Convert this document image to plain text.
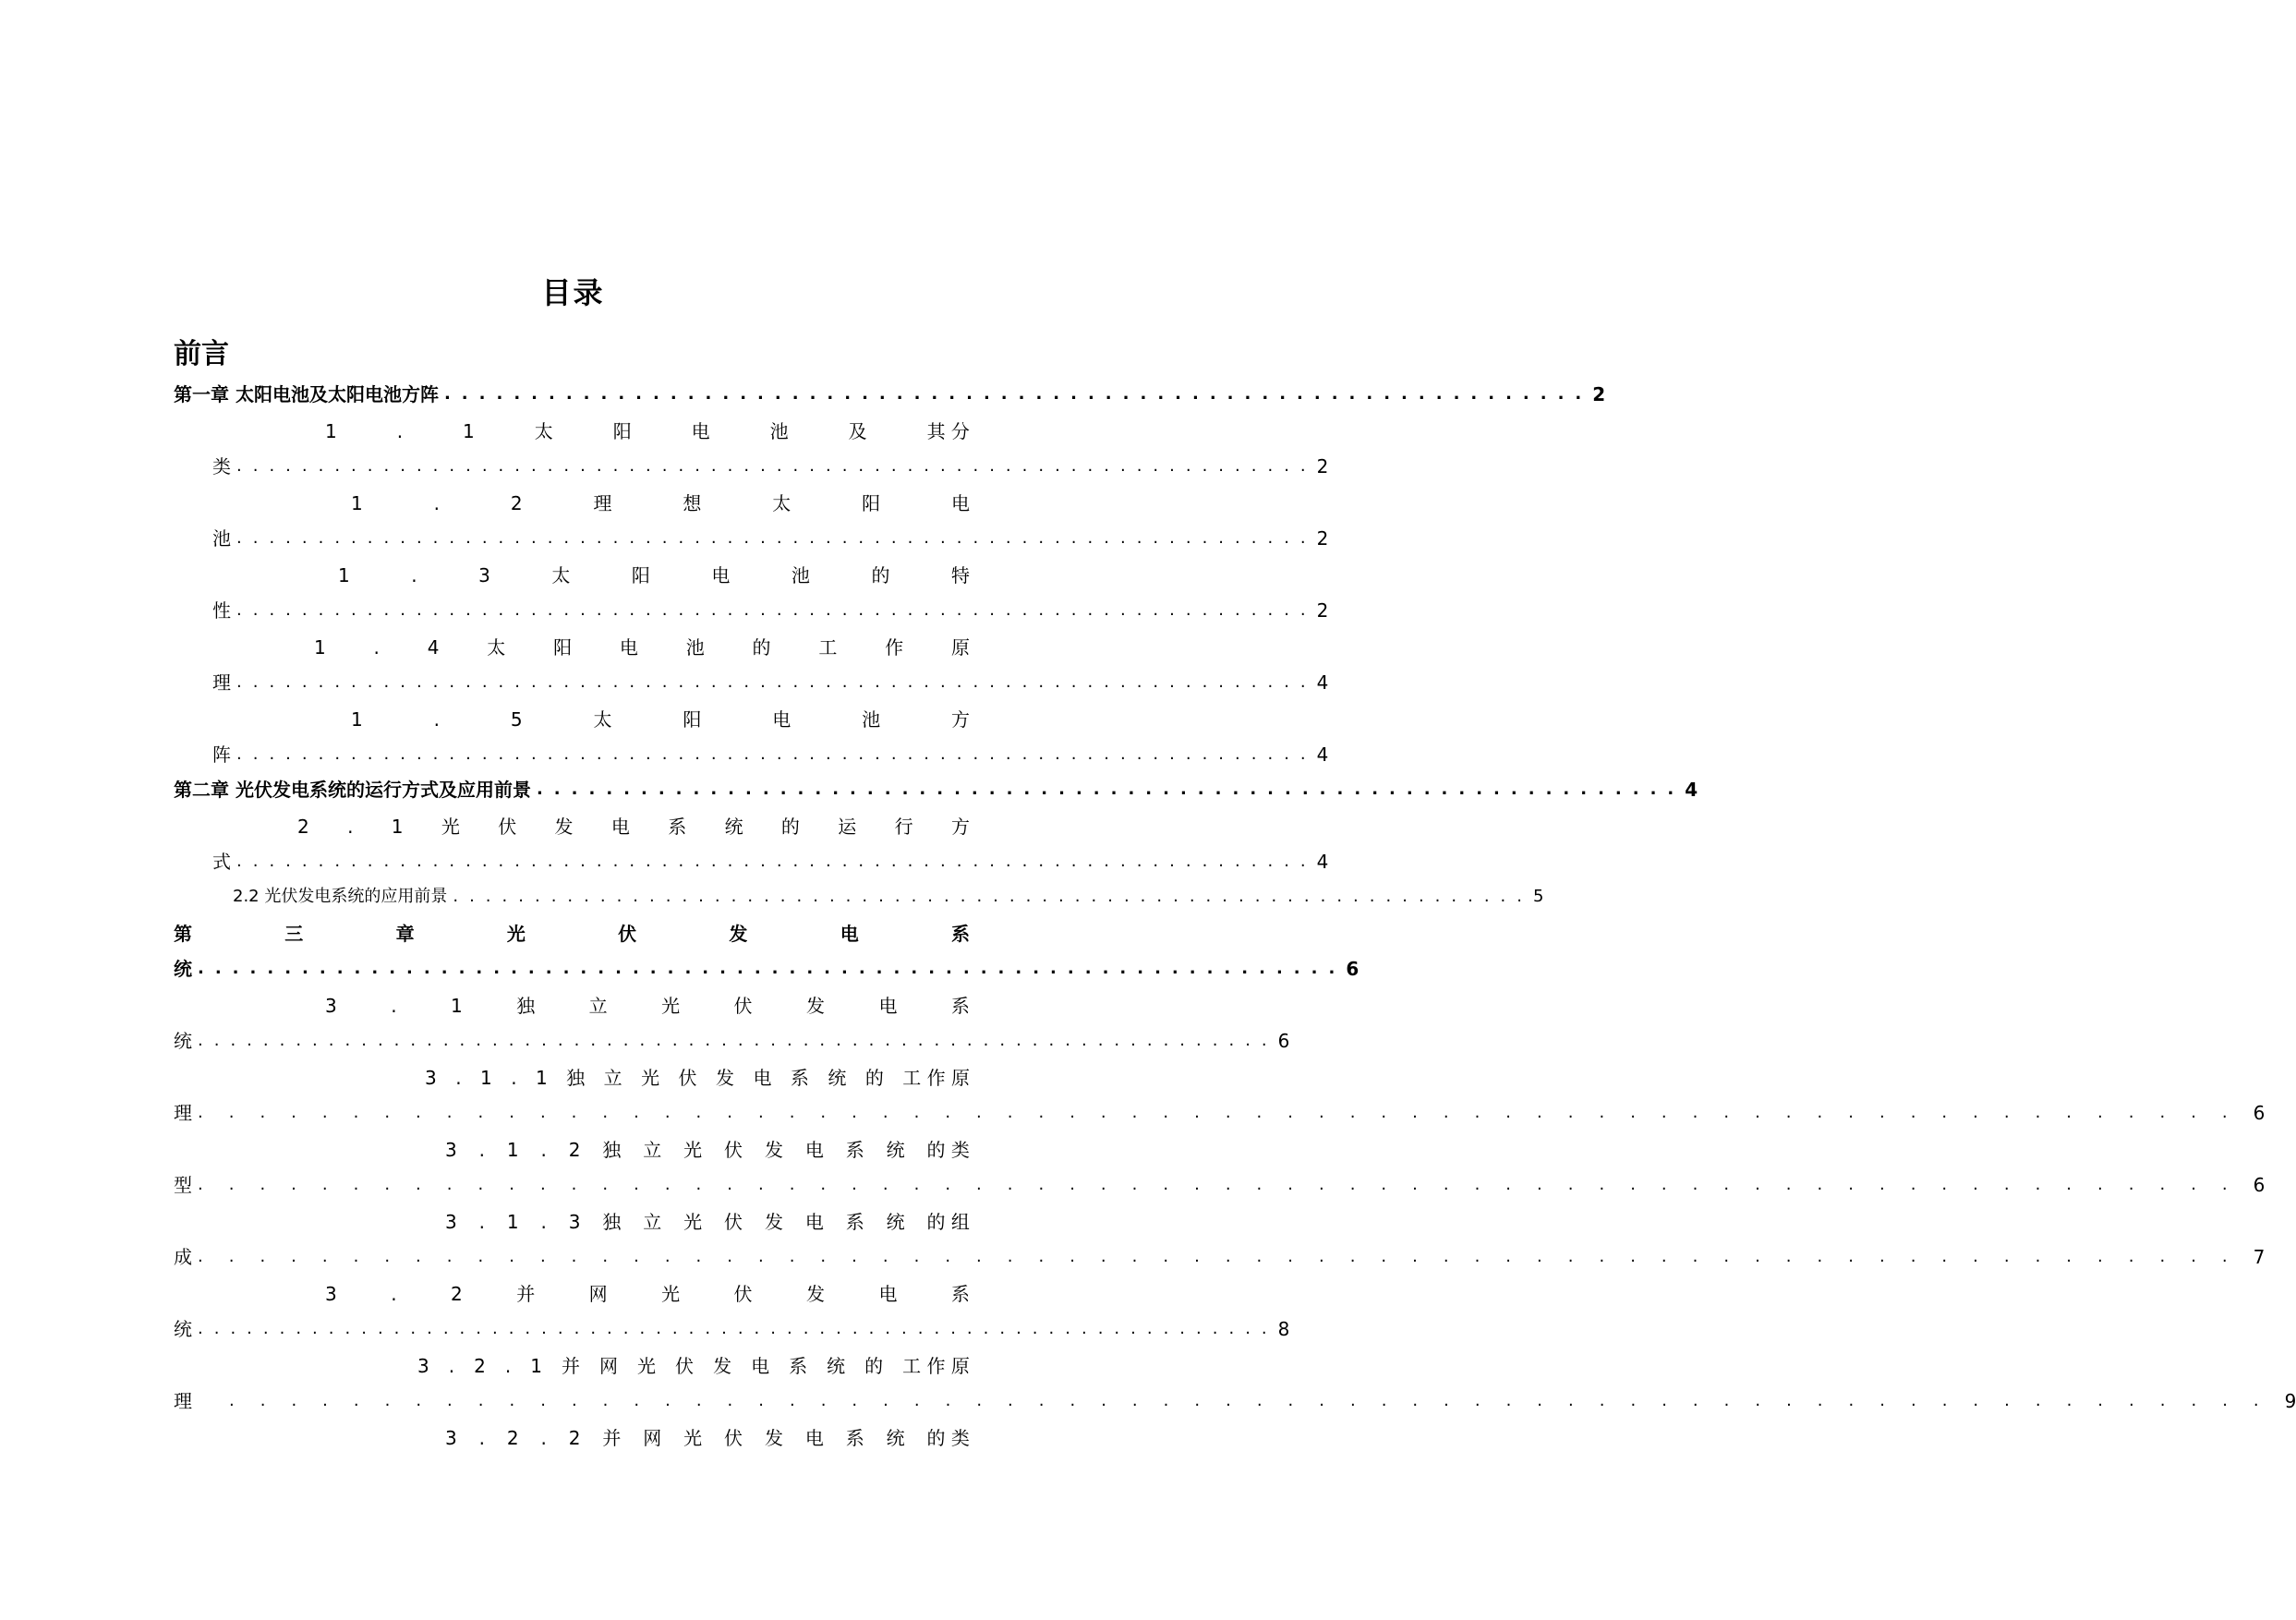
目录
前言
第一章 太阳电池及太阳电池方阵 .................................................................. 2
1	.	1	太	阳	电	池	及	其 分
类 .................................................................. 2
1	.	2	理	想	太	阳	电
池 .................................................................. 2
1	.	3	太	阳	电	池	的	特
性 .................................................................. 2
1	.	4	太	阳	电	池	的	工	作	原
理 .................................................................. 4
1	.	5	太	阳	电	池	方
阵 .................................................................. 4
第二章 光伏发电系统的运行方式及应用前景 .................................................................. 4
2 . 1 光 伏 发 电 系 统 的 运 行 方
式 .................................................................. 4
2.2 光伏发电系统的应用前景 .................................................................. 5
第	三	章	光	伏	发	电	系
统 .................................................................. 6
3	.	1	独	立	光	伏	发	电	系
统 .................................................................. 6
3 . 1 . 1 独 立 光 伏 发 电 系 统 的 工 作 原
理 .................................................................. 6
3 . 1 . 2 独 立 光 伏 发 电 系 统 的 类
型 .................................................................. 6
3 . 1 . 3 独 立 光 伏 发 电 系 统 的 组
成 .................................................................. 7
3	.	2	并	网	光	伏	发	电	系
统 .................................................................. 8
3 . 2 . 1 并 网 光 伏 发 电 系 统 的 工 作 原
理	.................................................................. 9
3 . 2 . 2 并 网 光 伏 发 电 系 统 的 类
